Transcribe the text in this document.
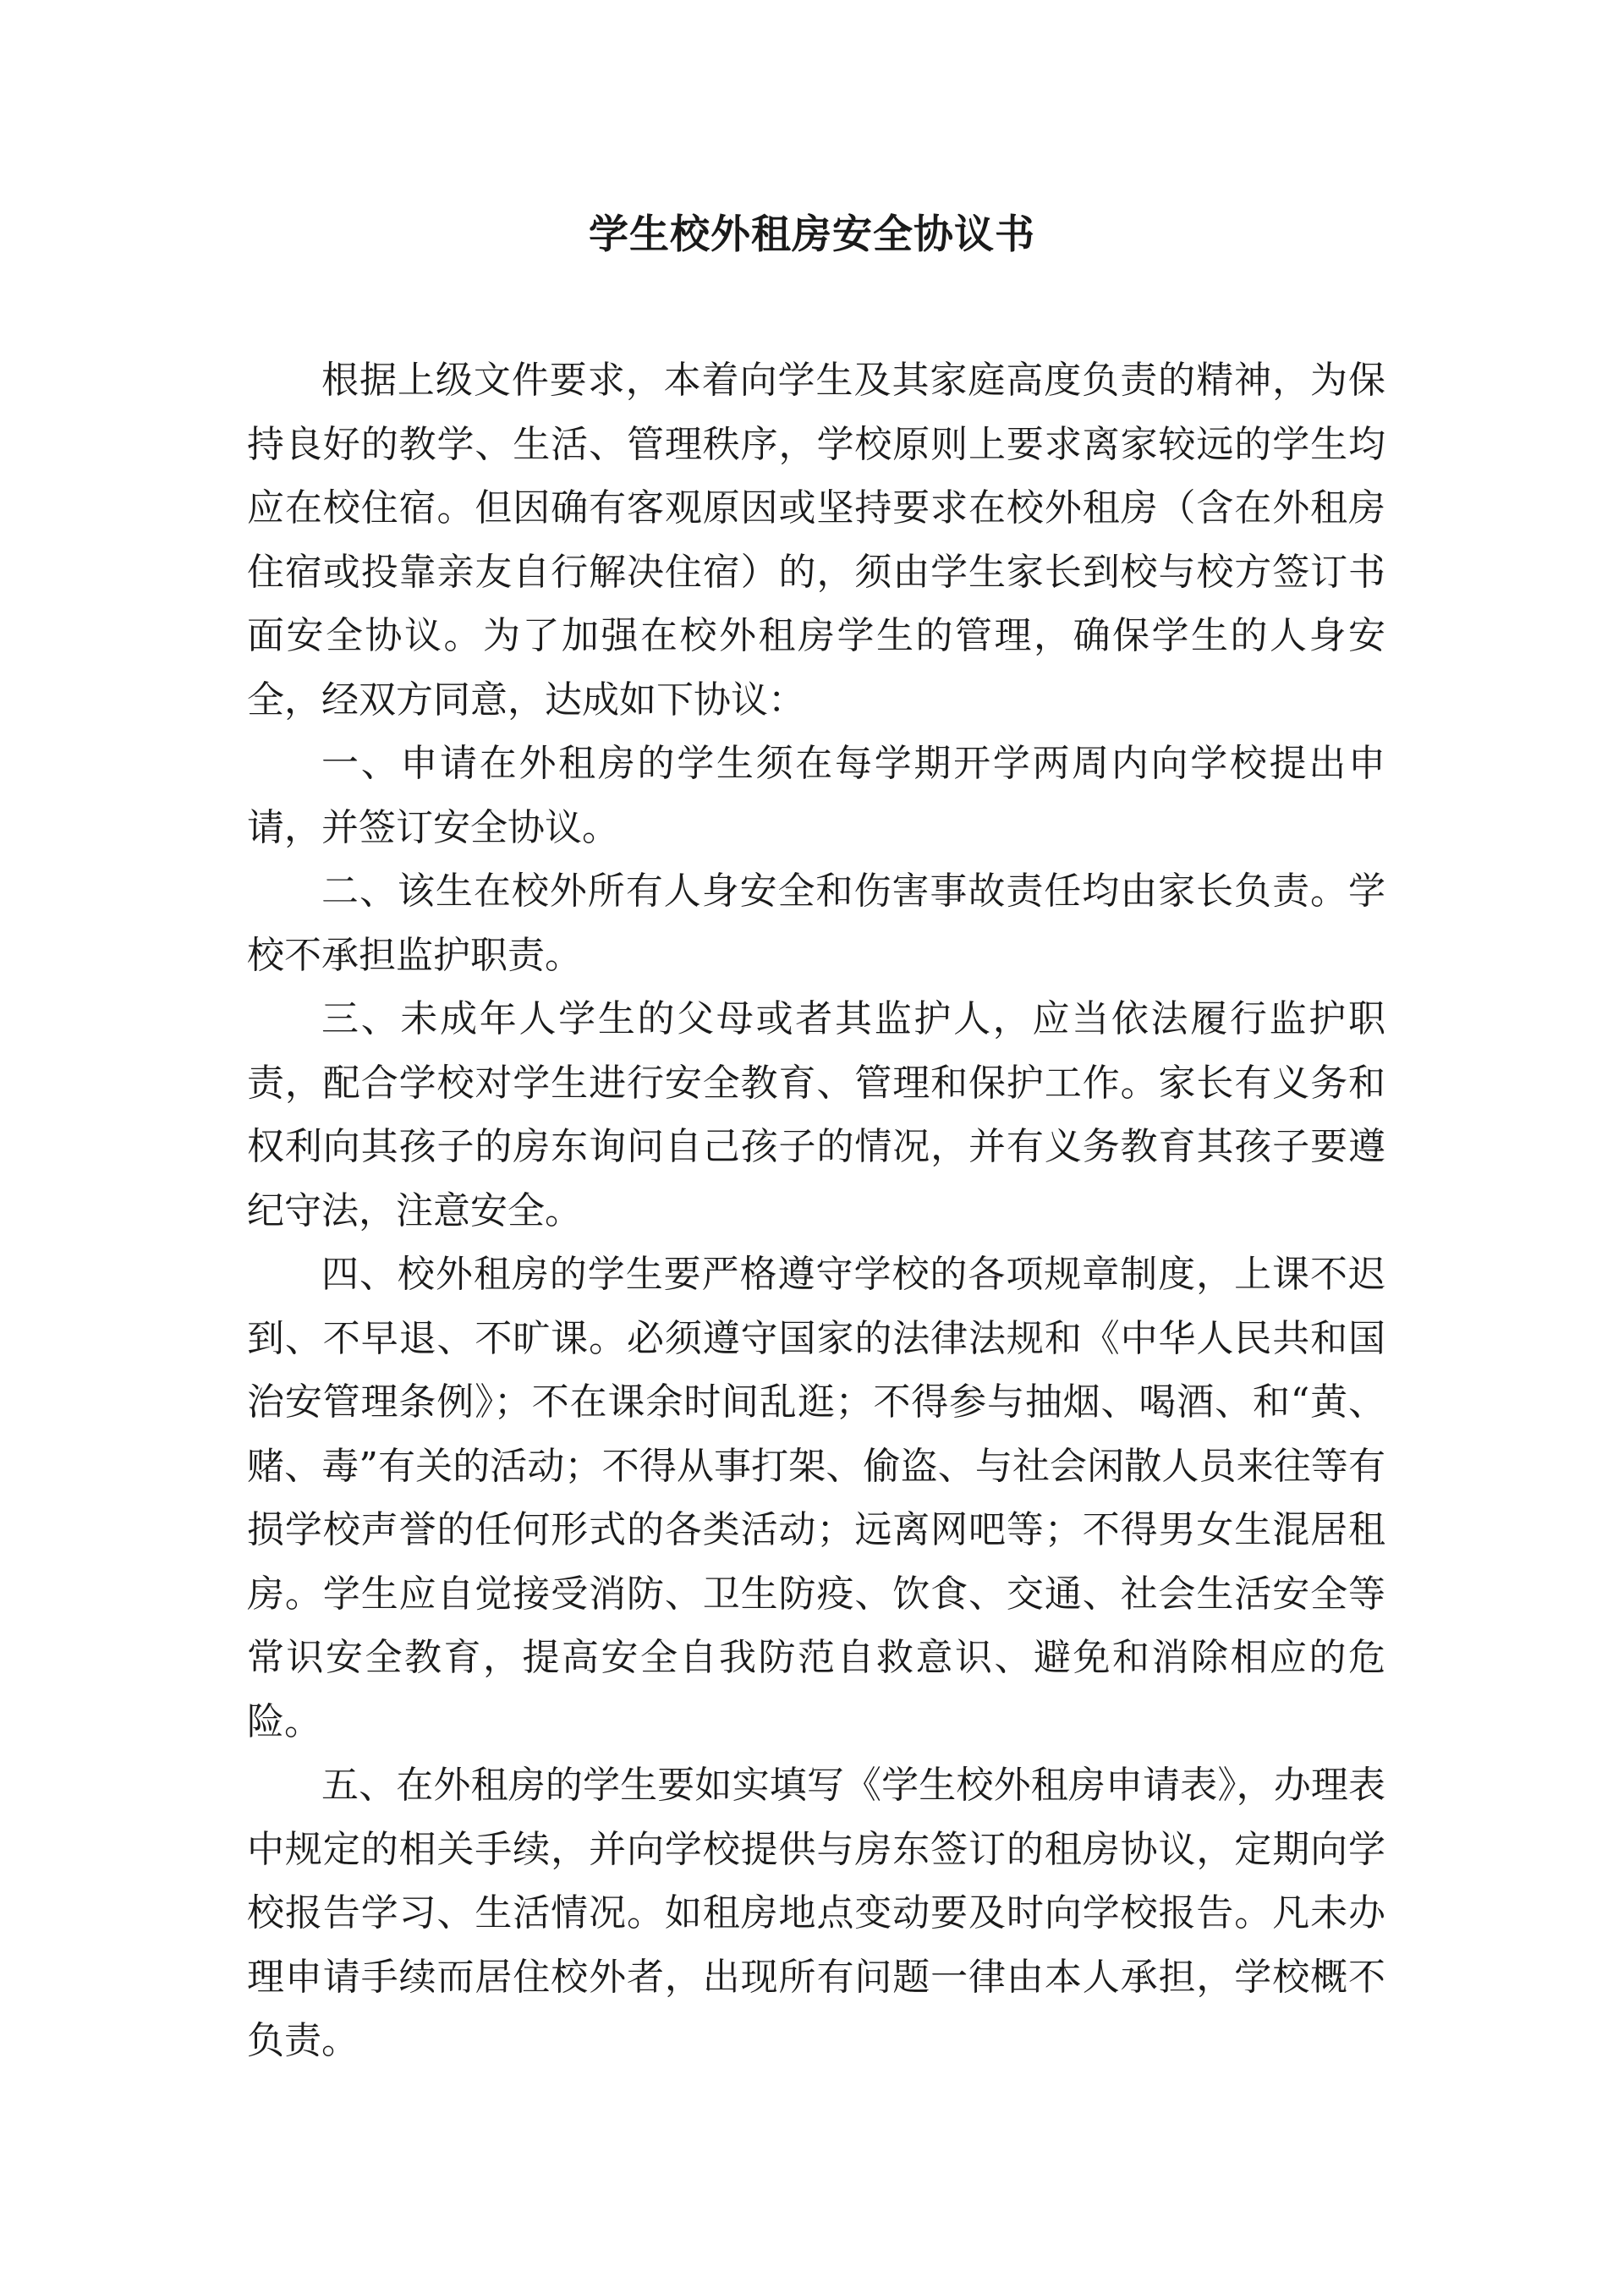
学生校外租房安全协议书

根据上级文件要求，本着向学生及其家庭高度负责的精神，为保持良好的教学、生活、管理秩序，学校原则上要求离家较远的学生均应在校住宿。但因确有客观原因或坚持要求在校外租房（含在外租房住宿或投靠亲友自行解决住宿）的，须由学生家长到校与校方签订书面安全协议。为了加强在校外租房学生的管理，确保学生的人身安全，经双方同意，达成如下协议：

一、申请在外租房的学生须在每学期开学两周内向学校提出申请，并签订安全协议。

二、该生在校外所有人身安全和伤害事故责任均由家长负责。学校不承担监护职责。

三、未成年人学生的父母或者其监护人，应当依法履行监护职责，配合学校对学生进行安全教育、管理和保护工作。家长有义务和权利向其孩子的房东询问自己孩子的情况，并有义务教育其孩子要遵纪守法，注意安全。

四、校外租房的学生要严格遵守学校的各项规章制度，上课不迟到、不早退、不旷课。必须遵守国家的法律法规和《中华人民共和国治安管理条例》；不在课余时间乱逛；不得参与抽烟、喝酒、和“黄、赌、毒”有关的活动；不得从事打架、偷盗、与社会闲散人员来往等有损学校声誉的任何形式的各类活动；远离网吧等；不得男女生混居租房。学生应自觉接受消防、卫生防疫、饮食、交通、社会生活安全等常识安全教育，提高安全自我防范自救意识、避免和消除相应的危险。

五、在外租房的学生要如实填写《学生校外租房申请表》，办理表中规定的相关手续，并向学校提供与房东签订的租房协议，定期向学校报告学习、生活情况。如租房地点变动要及时向学校报告。凡未办理申请手续而居住校外者，出现所有问题一律由本人承担，学校概不负责。
